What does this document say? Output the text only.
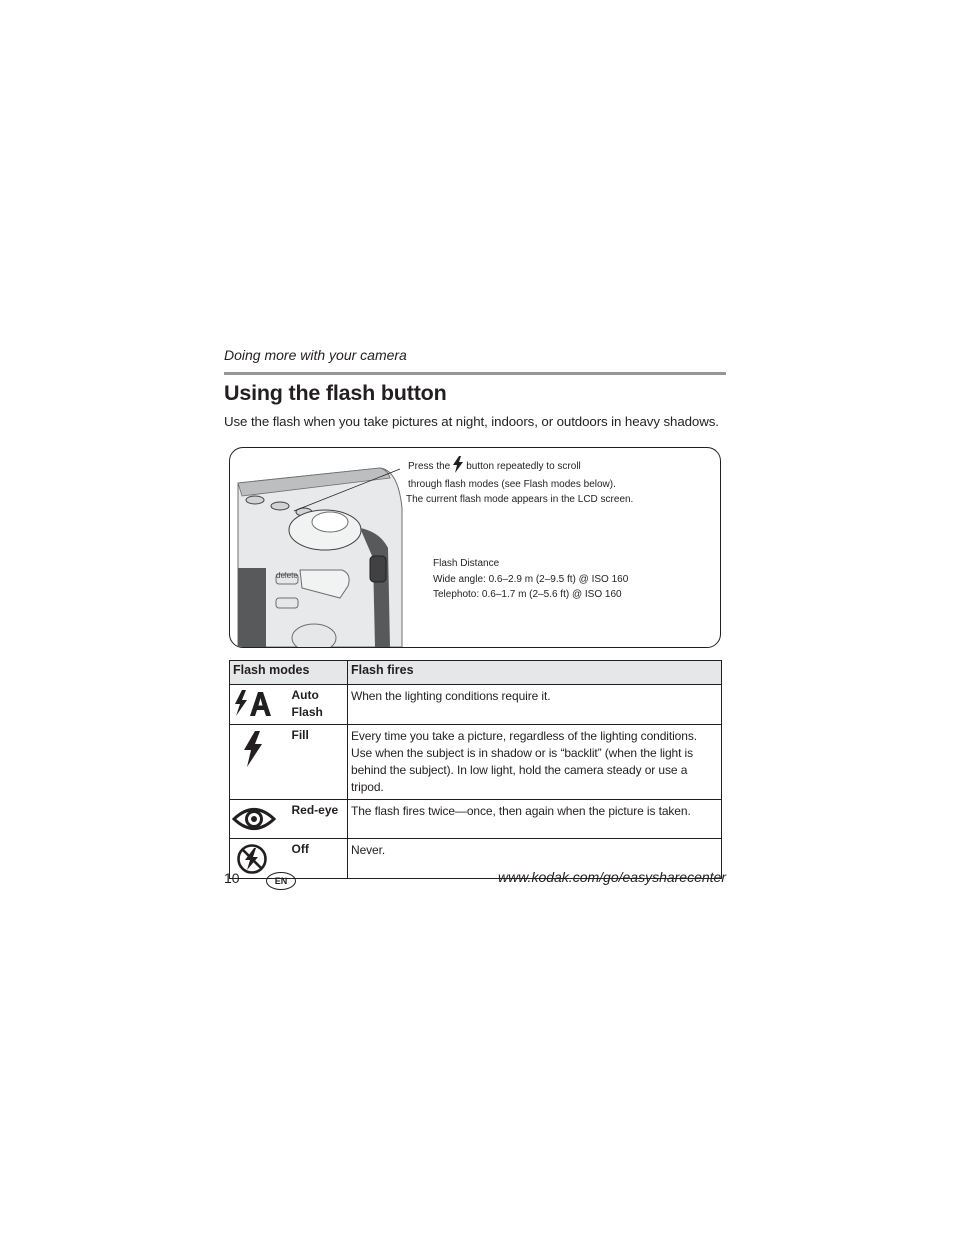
Doing more with your camera
Using the flash button
Use the flash when you take pictures at night, indoors, or outdoors in heavy shadows.
Press the button repeatedly to scroll
through flash modes (see Flash modes below).
The current flash mode appears in the LCD screen.
Flash Distance
Wide angle: 0.6–2.9 m (2–9.5 ft) @ ISO 160
Telephoto: 0.6–1.7 m (2–5.6 ft) @ ISO 160
delete
Flash modes		Flash fires

Auto
Flash	When the lighting conditions require it.

Fill	Every time you take a picture, regardless of the lighting conditions. Use when the subject is in shadow or is “backlit” (when the light is behind the subject). In low light, hold the camera steady or use a tripod.

Red-eye	The flash fires twice—once, then again when the picture is taken.

Off	Never.
10	EN	www.kodak.com/go/easysharecenter
